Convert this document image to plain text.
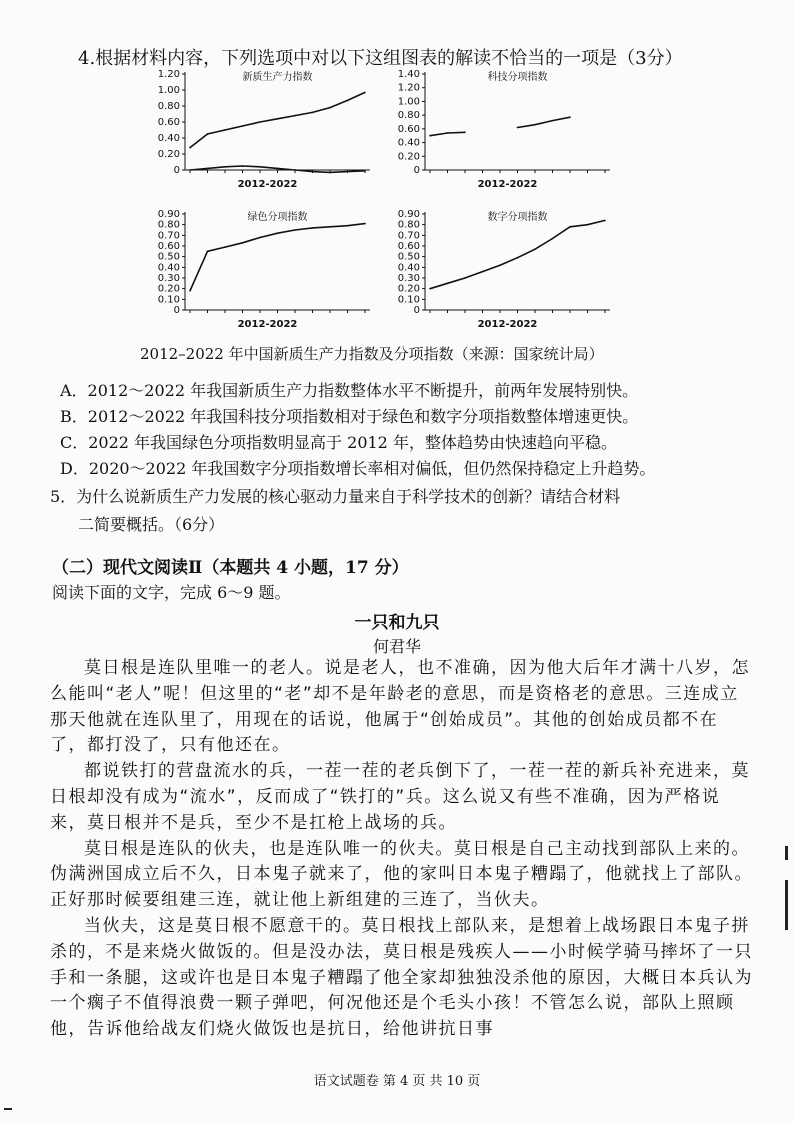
4.根据材料内容，下列选项中对以下这组图表的解读不恰当的一项是（3分）
0
0.20
0.40
0.60
0.80
1.00
1.20	新质生产力指数
2012-2022
0
0.20
0.40
0.60
0.80
1.00
1.20
1.40	科技分项指数
2012-2022
0
0.10
0.20
0.30
0.40
0.50
0.60
0.70
0.80
0.90	绿色分项指数
2012-2022
0
0.10
0.20
0.30
0.40
0.50
0.60
0.70
0.80
0.90	数字分项指数
2012-2022
2012–2022 年中国新质生产力指数及分项指数（来源：国家统计局）
A．2012～2022 年我国新质生产力指数整体水平不断提升，前两年发展特别快。
B．2012～2022 年我国科技分项指数相对于绿色和数字分项指数整体增速更快。
C．2022 年我国绿色分项指数明显高于 2012 年，整体趋势由快速趋向平稳。
D．2020～2022 年我国数字分项指数增长率相对偏低，但仍然保持稳定上升趋势。
5．为什么说新质生产力发展的核心驱动力量来自于科学技术的创新？请结合材料
二简要概括。（6分）
（二）现代文阅读Ⅱ（本题共 4 小题，17 分）
阅读下面的文字，完成 6～9 题。
一只和九只
何君华

莫日根是连队里唯一的老人。说是老人，也不准确，因为他大后年才满十八岁，怎么能叫“老人”呢！但这里的“老”却不是年龄老的意思，而是资格老的意思。三连成立那天他就在连队里了，用现在的话说，他属于“创始成员”。其他的创始成员都不在了，都打没了，只有他还在。

都说铁打的营盘流水的兵，一茬一茬的老兵倒下了，一茬一茬的新兵补充进来，莫日根却没有成为“流水”，反而成了“铁打的”兵。这么说又有些不准确，因为严格说来，莫日根并不是兵，至少不是扛枪上战场的兵。

莫日根是连队的伙夫，也是连队唯一的伙夫。莫日根是自己主动找到部队上来的。伪满洲国成立后不久，日本鬼子就来了，他的家叫日本鬼子糟蹋了，他就找上了部队。正好那时候要组建三连，就让他上新组建的三连了，当伙夫。

当伙夫，这是莫日根不愿意干的。莫日根找上部队来，是想着上战场跟日本鬼子拼杀的，不是来烧火做饭的。但是没办法，莫日根是残疾人——小时候学骑马摔坏了一只手和一条腿，这或许也是日本鬼子糟蹋了他全家却独独没杀他的原因，大概日本兵认为一个瘸子不值得浪费一颗子弹吧，何况他还是个毛头小孩！不管怎么说，部队上照顾他，告诉他给战友们烧火做饭也是抗日，给他讲抗日事

语文试题卷 第 4 页 共 10 页
